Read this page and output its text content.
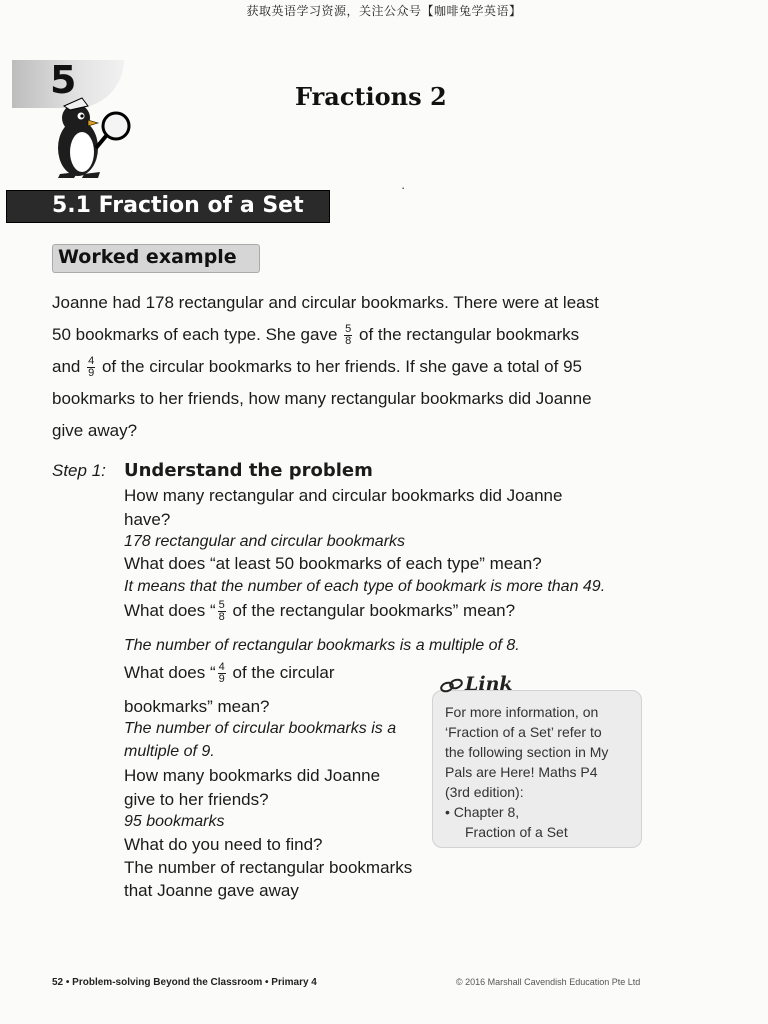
获取英语学习资源，关注公众号【咖啡兔学英语】
5	Fractions 2
5.1 Fraction of a Set
·
Worked example
Joanne had 178 rectangular and circular bookmarks. There were at least
50 bookmarks of each type. She gave $\frac{5}{8}$ of the rectangular bookmarks
and $\frac{4}{9}$ of the circular bookmarks to her friends. If she gave a total of 95
bookmarks to her friends, how many rectangular bookmarks did Joanne
give away?
Step 1: Understand the problem
How many rectangular and circular bookmarks did Joanne
have?
178 rectangular and circular bookmarks
What does “at least 50 bookmarks of each type” mean?
It means that the number of each type of bookmark is more than 49.
What does “ $\frac{5}{8}$ of the rectangular bookmarks” mean?
The number of rectangular bookmarks is a multiple of 8.
What does “ $\frac{4}{9}$ of the circular
bookmarks” mean?
The number of circular bookmarks is a
multiple of 9.
How many bookmarks did Joanne
give to her friends?
95 bookmarks
What do you need to find?
The number of rectangular bookmarks
that Joanne gave away
Link
For more information, on
‘Fraction of a Set’ refer to
the following section in My
Pals are Here! Maths P4
(3rd edition):
• Chapter 8,
Fraction of a Set
52 • Problem-solving Beyond the Classroom • Primary 4	© 2016 Marshall Cavendish Education Pte Ltd
